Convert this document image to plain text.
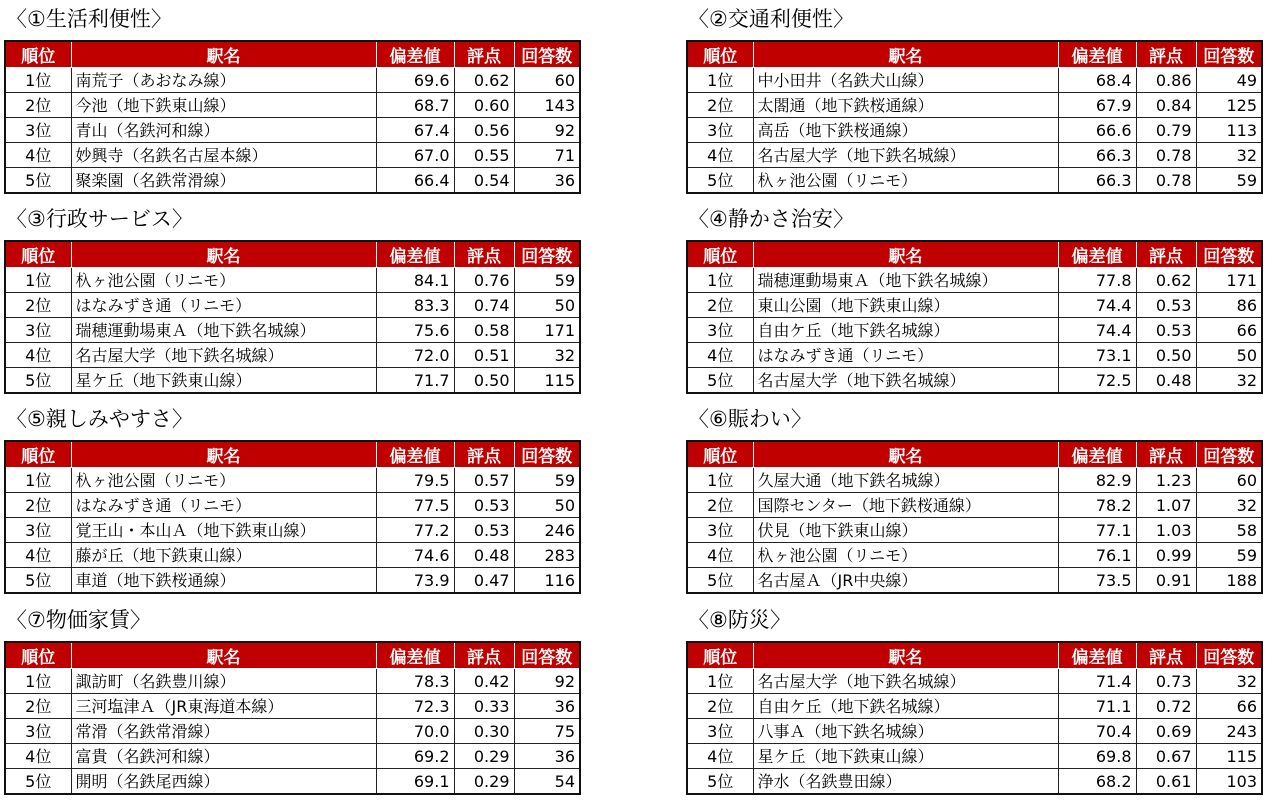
〈①生活利便性〉
順位	駅名	偏差値	評点	回答数
1位	南荒子（あおなみ線）	69.6	0.62	60
2位	今池（地下鉄東山線）	68.7	0.60	143
3位	青山（名鉄河和線）	67.4	0.56	92
4位	妙興寺（名鉄名古屋本線）	67.0	0.55	71
5位	聚楽園（名鉄常滑線）	66.4	0.54	36
〈②交通利便性〉
順位	駅名	偏差値	評点	回答数
1位	中小田井（名鉄犬山線）	68.4	0.86	49
2位	太閤通（地下鉄桜通線）	67.9	0.84	125
3位	高岳（地下鉄桜通線）	66.6	0.79	113
4位	名古屋大学（地下鉄名城線）	66.3	0.78	32
5位	杁ヶ池公園（リニモ）	66.3	0.78	59
〈③行政サービス〉
順位	駅名	偏差値	評点	回答数
1位	杁ヶ池公園（リニモ）	84.1	0.76	59
2位	はなみずき通（リニモ）	83.3	0.74	50
3位	瑞穂運動場東Ａ（地下鉄名城線）	75.6	0.58	171
4位	名古屋大学（地下鉄名城線）	72.0	0.51	32
5位	星ケ丘（地下鉄東山線）	71.7	0.50	115
〈④静かさ治安〉
順位	駅名	偏差値	評点	回答数
1位	瑞穂運動場東Ａ（地下鉄名城線）	77.8	0.62	171
2位	東山公園（地下鉄東山線）	74.4	0.53	86
3位	自由ケ丘（地下鉄名城線）	74.4	0.53	66
4位	はなみずき通（リニモ）	73.1	0.50	50
5位	名古屋大学（地下鉄名城線）	72.5	0.48	32
〈⑤親しみやすさ〉
順位	駅名	偏差値	評点	回答数
1位	杁ヶ池公園（リニモ）	79.5	0.57	59
2位	はなみずき通（リニモ）	77.5	0.53	50
3位	覚王山・本山Ａ（地下鉄東山線）	77.2	0.53	246
4位	藤が丘（地下鉄東山線）	74.6	0.48	283
5位	車道（地下鉄桜通線）	73.9	0.47	116
〈⑥賑わい〉
順位	駅名	偏差値	評点	回答数
1位	久屋大通（地下鉄名城線）	82.9	1.23	60
2位	国際センター（地下鉄桜通線）	78.2	1.07	32
3位	伏見（地下鉄東山線）	77.1	1.03	58
4位	杁ヶ池公園（リニモ）	76.1	0.99	59
5位	名古屋Ａ（JR中央線）	73.5	0.91	188
〈⑦物価家賃〉
順位	駅名	偏差値	評点	回答数
1位	諏訪町（名鉄豊川線）	78.3	0.42	92
2位	三河塩津Ａ（JR東海道本線）	72.3	0.33	36
3位	常滑（名鉄常滑線）	70.0	0.30	75
4位	富貴（名鉄河和線）	69.2	0.29	36
5位	開明（名鉄尾西線）	69.1	0.29	54
〈⑧防災〉
順位	駅名	偏差値	評点	回答数
1位	名古屋大学（地下鉄名城線）	71.4	0.73	32
2位	自由ケ丘（地下鉄名城線）	71.1	0.72	66
3位	八事Ａ（地下鉄名城線）	70.4	0.69	243
4位	星ケ丘（地下鉄東山線）	69.8	0.67	115
5位	浄水（名鉄豊田線）	68.2	0.61	103
